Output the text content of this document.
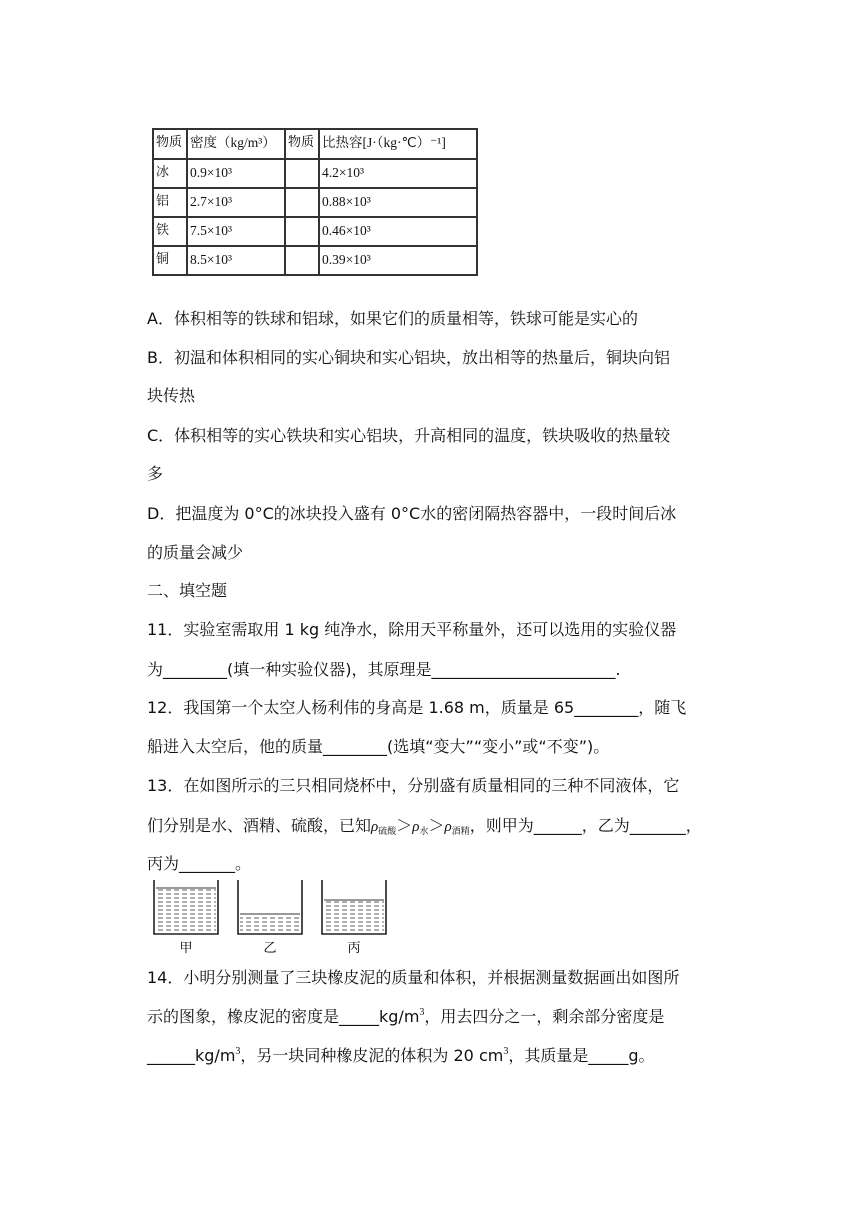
物质	密度（kg/m³）	物质	比热容[J·（kg·℃）⁻¹]
冰	0.9×10³		4.2×10³
铝	2.7×10³		0.88×10³
铁	7.5×10³		0.46×10³
铜	8.5×10³		0.39×10³
A．体积相等的铁球和铝球，如果它们的质量相等，铁球可能是实心的
B．初温和体积相同的实心铜块和实心铝块，放出相等的热量后，铜块向铝
块传热
C．体积相等的实心铁块和实心铝块，升高相同的温度，铁块吸收的热量较
多
D．把温度为 0°C的冰块投入盛有 0°C水的密闭隔热容器中，一段时间后冰
的质量会减少
二、填空题
11．实验室需取用 1 kg 纯净水，除用天平称量外，还可以选用的实验仪器
为________(填一种实验仪器)，其原理是_______________________.
12．我国第一个太空人杨利伟的身高是 1.68 m，质量是 65________，随飞
船进入太空后，他的质量________(选填“变大”“变小”或“不变”)。
13．在如图所示的三只相同烧杯中，分别盛有质量相同的三种不同液体，它
们分别是水、酒精、硫酸，已知$\rho_{硫酸}>\rho_水>\rho_{酒精}$，则甲为______，乙为_______，
丙为_______。
甲	乙	丙
14．小明分别测量了三块橡皮泥的质量和体积，并根据测量数据画出如图所
示的图象，橡皮泥的密度是$\_\_\_\_\_kg/m^3$，用去四分之一，剩余部分密度是
$\_\_\_\_\_\_kg/m^3$，另一块同种橡皮泥的体积为 20 $cm^3$，其质量是_____g。
